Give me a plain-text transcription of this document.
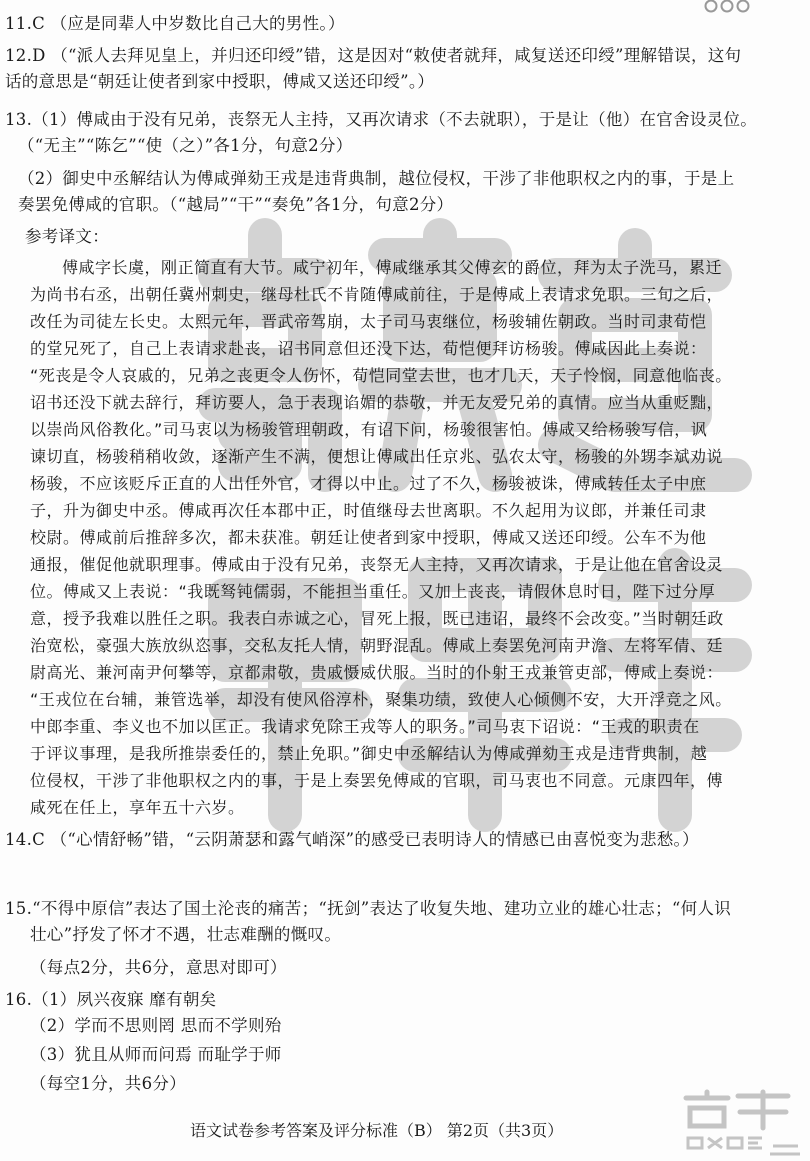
11.C （应是同辈人中岁数比自己大的男性。）
12.D （“派人去拜见皇上，并归还印绶”错，这是因对“敕使者就拜，咸复送还印绶”理解错误，这句
话的意思是“朝廷让使者到家中授职，傅咸又送还印绶”。）
13.（1）傅咸由于没有兄弟，丧祭无人主持，又再次请求（不去就职），于是让（他）在官舍设灵位。
（“无主”“陈乞”“使（之）”各1分，句意2分）
（2）御史中丞解结认为傅咸弹劾王戎是违背典制，越位侵权，干涉了非他职权之内的事，于是上
奏罢免傅咸的官职。（“越局”“干”“奏免”各1分，句意2分）
参考译文：
傅咸字长虞，刚正简直有大节。咸宁初年，傅咸继承其父傅玄的爵位，拜为太子洗马，累迁
为尚书右丞，出朝任冀州刺史，继母杜氏不肯随傅咸前往，于是傅咸上表请求免职。三旬之后，
改任为司徒左长史。太熙元年，晋武帝驾崩，太子司马衷继位，杨骏辅佐朝政。当时司隶荀恺
的堂兄死了，自己上表请求赴丧，诏书同意但还没下达，荀恺便拜访杨骏。傅咸因此上奏说：
“死丧是令人哀戚的，兄弟之丧更令人伤怀，荀恺同堂去世，也才几天，天子怜悯，同意他临丧。
诏书还没下就去辞行，拜访要人，急于表现谄媚的恭敬，并无友爱兄弟的真情。应当从重贬黜，
以崇尚风俗教化。”司马衷以为杨骏管理朝政，有诏下问，杨骏很害怕。傅咸又给杨骏写信，讽
谏切直，杨骏稍稍收敛，逐渐产生不满，便想让傅咸出任京兆、弘农太守，杨骏的外甥李斌劝说
杨骏，不应该贬斥正直的人出任外官，才得以中止。过了不久，杨骏被诛，傅咸转任太子中庶
子，升为御史中丞。傅咸再次任本郡中正，时值继母去世离职。不久起用为议郎，并兼任司隶
校尉。傅咸前后推辞多次，都未获准。朝廷让使者到家中授职，傅咸又送还印绶。公车不为他
通报，催促他就职理事。傅咸由于没有兄弟，丧祭无人主持，又再次请求，于是让他在官舍设灵
位。傅咸又上表说：“我既驽钝儒弱，不能担当重任。又加上丧丧，请假休息时日，陛下过分厚
意，授予我难以胜任之职。我表白赤诚之心，冒死上报，既已违诏，最终不会改变。”当时朝廷政
治宽松，豪强大族放纵恣事，交私友托人情，朝野混乱。傅咸上奏罢免河南尹澹、左将军倩、廷
尉高光、兼河南尹何攀等，京都肃敬，贵戚慑威伏服。当时的仆射王戎兼管吏部，傅咸上奏说：
“王戎位在台辅，兼管选举，却没有使风俗淳朴，聚集功绩，致使人心倾侧不安，大开浮竞之风。
中郎李重、李义也不加以匡正。我请求免除王戎等人的职务。”司马衷下诏说：“王戎的职责在
于评议事理，是我所推崇委任的，禁止免职。”御史中丞解结认为傅咸弹劾王戎是违背典制，越
位侵权，干涉了非他职权之内的事，于是上奏罢免傅咸的官职，司马衷也不同意。元康四年，傅
咸死在任上，享年五十六岁。
14.C （“心情舒畅”错，“云阴萧瑟和露气峭深”的感受已表明诗人的情感已由喜悦变为悲愁。）
15.“不得中原信”表达了国土沦丧的痛苦；“抚剑”表达了收复失地、建功立业的雄心壮志；“何人识
壮心”抒发了怀才不遇，壮志难酬的慨叹。
（每点2分，共6分，意思对即可）
16.（1）夙兴夜寐 靡有朝矣
（2）学而不思则罔 思而不学则殆
（3）犹且从师而问焉 而耻学于师
（每空1分，共6分）
语文试卷参考答案及评分标准（B） 第2页（共3页）
